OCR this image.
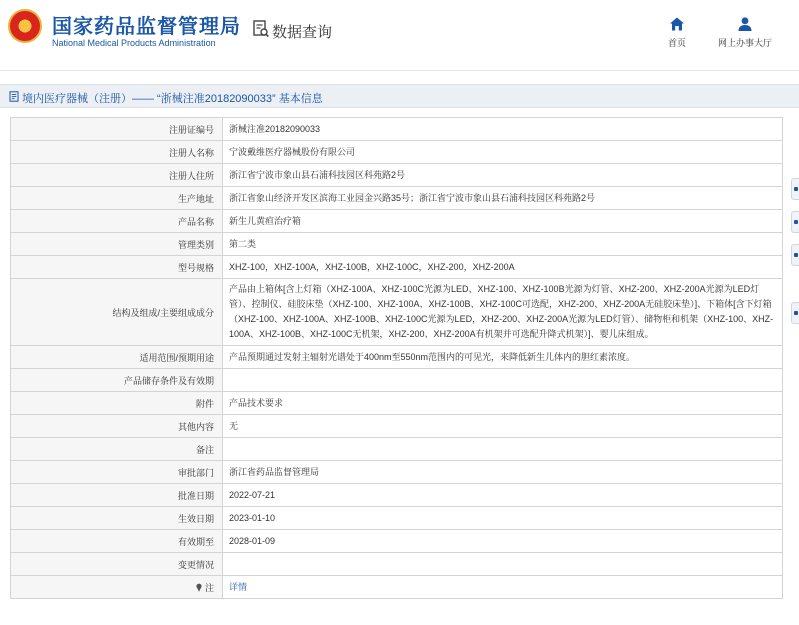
国家药品监督管理局
National Medical Products Administration
数据查询
首页	网上办事大厅
境内医疗器械（注册）—— “浙械注准20182090033” 基本信息
注册证编号	浙械注准20182090033
注册人名称	宁波戴维医疗器械股份有限公司
注册人住所	浙江省宁波市象山县石浦科技园区科苑路2号
生产地址	浙江省象山经济开发区滨海工业园金兴路35号；浙江省宁波市象山县石浦科技园区科苑路2号
产品名称	新生儿黄疸治疗箱
管理类别	第二类
型号规格	XHZ-100，XHZ-100A，XHZ-100B，XHZ-100C，XHZ-200，XHZ-200A
结构及组成/主要组成成分	产品由上箱体[含上灯箱（XHZ-100A、XHZ-100C光源为LED、XHZ-100、XHZ-100B光源为灯管、XHZ-200、XHZ-200A光源为LED灯管）、控制仪、硅胶床垫（XHZ-100、XHZ-100A、XHZ-100B、XHZ-100C可选配，XHZ-200、XHZ-200A无硅胶床垫）]、下箱体[含下灯箱（XHZ-100、XHZ-100A、XHZ-100B、XHZ-100C光源为LED，XHZ-200、XHZ-200A光源为LED灯管）、储物柜和机架（XHZ-100、XHZ-100A、XHZ-100B、XHZ-100C无机架，XHZ-200、XHZ-200A有机架并可选配升降式机架）]、婴儿床组成。
适用范围/预期用途	产品预期通过发射主辐射光谱处于400nm至550nm范围内的可见光，来降低新生儿体内的胆红素浓度。
产品储存条件及有效期	
附件	产品技术要求
其他内容	无
备注	
审批部门	浙江省药品监督管理局
批准日期	2022-07-21
生效日期	2023-01-10
有效期至	2028-01-09
变更情况	
注	详情
